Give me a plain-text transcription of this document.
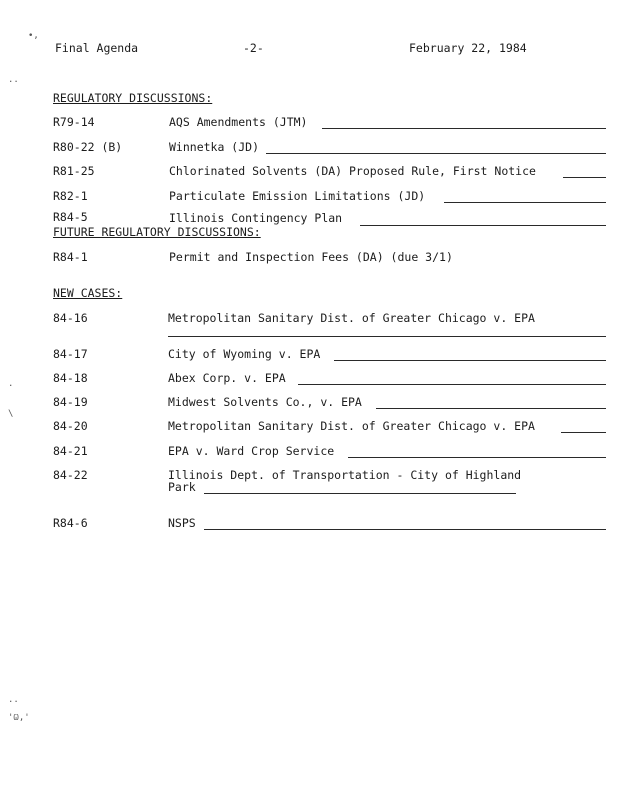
•,
..
.
\
..
'Ѡ,'
Final Agenda	-2-	February 22, 1984
REGULATORY DISCUSSIONS:
R79-14	AQS Amendments (JTM)
R80-22 (B)	Winnetka (JD)
R81-25	Chlorinated Solvents (DA) Proposed Rule, First Notice
R82-1	Particulate Emission Limitations (JD)
R84-5	Illinois Contingency Plan
FUTURE REGULATORY DISCUSSIONS:
R84-1	Permit and Inspection Fees (DA) (due 3/1)
NEW CASES:
84-16	Metropolitan Sanitary Dist. of Greater Chicago v. EPA
84-17	City of Wyoming v. EPA
84-18	Abex Corp. v. EPA
84-19	Midwest Solvents Co., v. EPA
84-20	Metropolitan Sanitary Dist. of Greater Chicago v. EPA
84-21	EPA v. Ward Crop Service
84-22	Illinois Dept. of Transportation - City of Highland
Park
R84-6	NSPS
